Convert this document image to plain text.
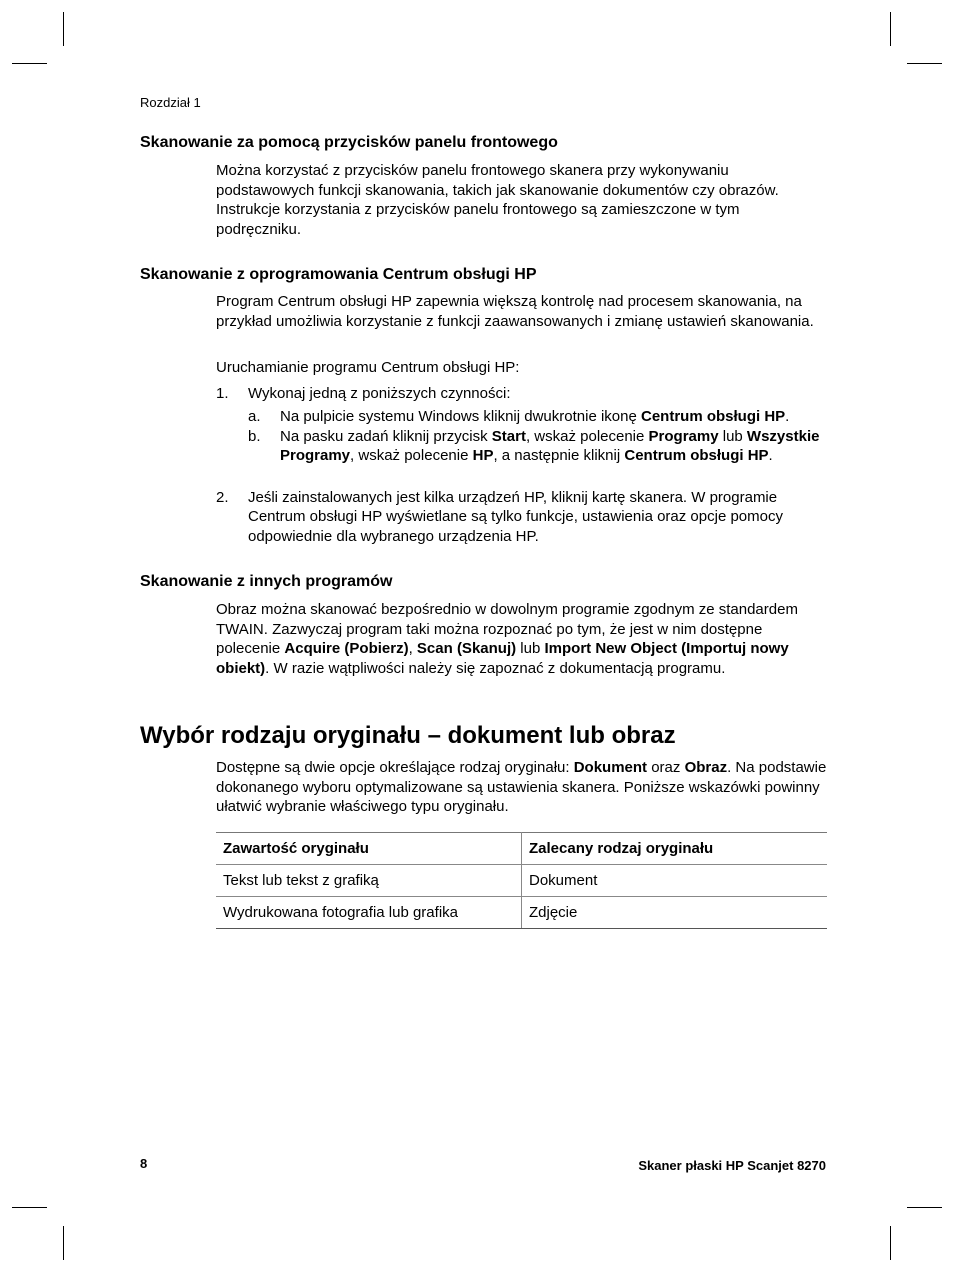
Rozdział 1
Skanowanie za pomocą przycisków panelu frontowego

Można korzystać z przycisków panelu frontowego skanera przy wykonywaniu podstawowych funkcji skanowania, takich jak skanowanie dokumentów czy obrazów. Instrukcje korzystania z przycisków panelu frontowego są zamieszczone w tym podręczniku.

Skanowanie z oprogramowania Centrum obsługi HP

Program Centrum obsługi HP zapewnia większą kontrolę nad procesem skanowania, na przykład umożliwia korzystanie z funkcji zaawansowanych i zmianę ustawień skanowania.

Uruchamianie programu Centrum obsługi HP:

1. Wykonaj jedną z poniższych czynności:
a. Na pulpicie systemu Windows kliknij dwukrotnie ikonę Centrum obsługi HP.
b. Na pasku zadań kliknij przycisk Start, wskaż polecenie Programy lub Wszystkie Programy, wskaż polecenie HP, a następnie kliknij Centrum obsługi HP.
2. Jeśli zainstalowanych jest kilka urządzeń HP, kliknij kartę skanera. W programie Centrum obsługi HP wyświetlane są tylko funkcje, ustawienia oraz opcje pomocy odpowiednie dla wybranego urządzenia HP.
Skanowanie z innych programów

Obraz można skanować bezpośrednio w dowolnym programie zgodnym ze standardem TWAIN. Zazwyczaj program taki można rozpoznać po tym, że jest w nim dostępne polecenie Acquire (Pobierz), Scan (Skanuj) lub Import New Object (Importuj nowy obiekt). W razie wątpliwości należy się zapoznać z dokumentacją programu.

Wybór rodzaju oryginału – dokument lub obraz

Dostępne są dwie opcje określające rodzaj oryginału: Dokument oraz Obraz. Na podstawie dokonanego wyboru optymalizowane są ustawienia skanera. Poniższe wskazówki powinny ułatwić wybranie właściwego typu oryginału.

Zawartość oryginału	Zalecany rodzaj oryginału
Tekst lub tekst z grafiką	Dokument
Wydrukowana fotografia lub grafika	Zdjęcie
8	Skaner płaski HP Scanjet 8270
